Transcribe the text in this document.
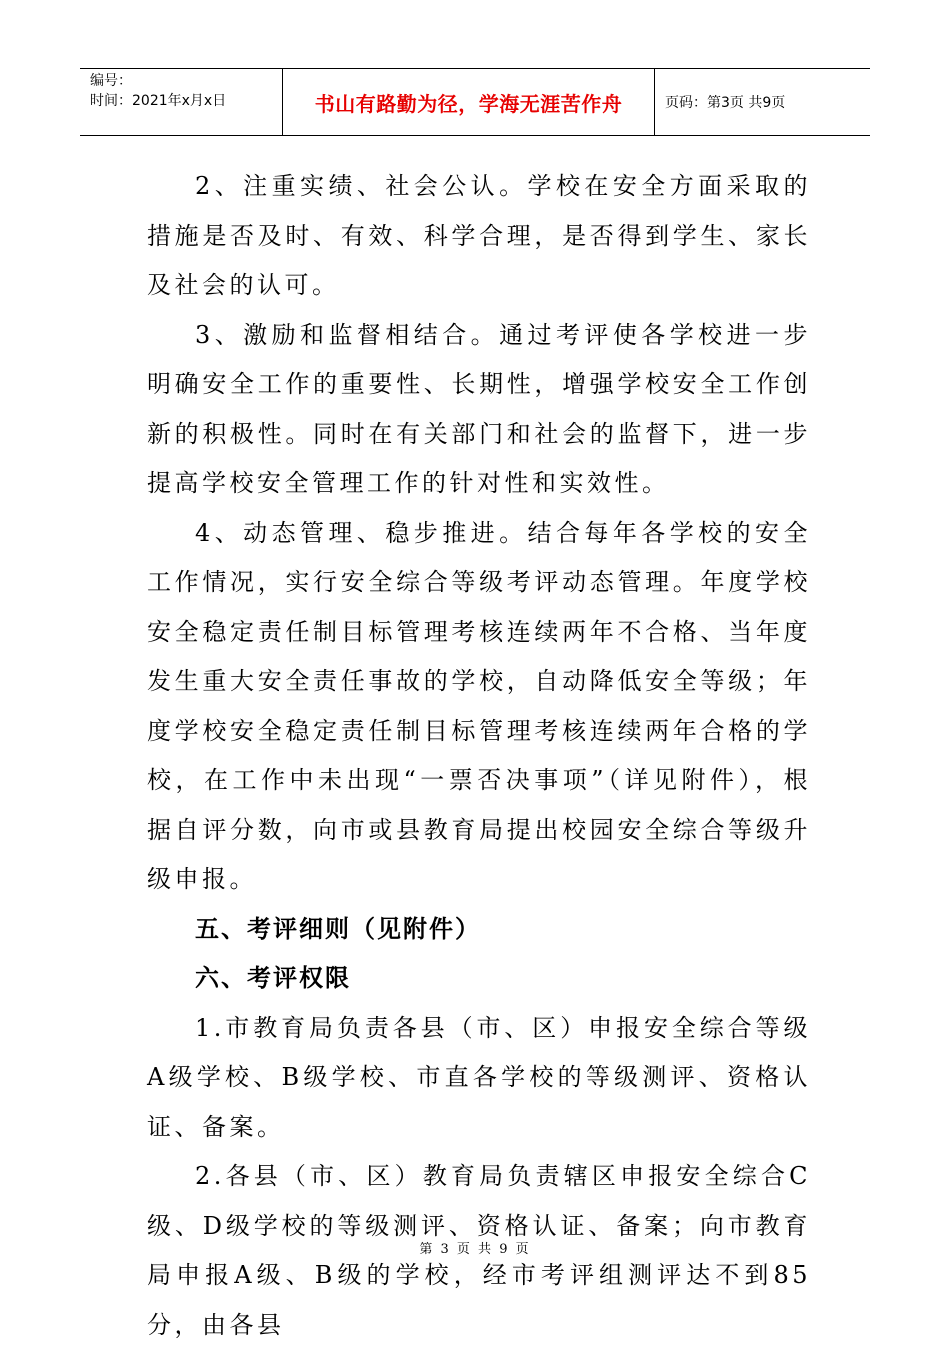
编号：
时间：2021年x月x日	书山有路勤为径，学海无涯苦作舟	页码：第3页 共9页

2、注重实绩、社会公认。学校在安全方面采取的措施是否及时、有效、科学合理，是否得到学生、家长及社会的认可。

3、激励和监督相结合。通过考评使各学校进一步明确安全工作的重要性、长期性，增强学校安全工作创新的积极性。同时在有关部门和社会的监督下，进一步提高学校安全管理工作的针对性和实效性。

4、动态管理、稳步推进。结合每年各学校的安全工作情况，实行安全综合等级考评动态管理。年度学校安全稳定责任制目标管理考核连续两年不合格、当年度发生重大安全责任事故的学校，自动降低安全等级；年度学校安全稳定责任制目标管理考核连续两年合格的学校，在工作中未出现“一票否决事项”（详见附件），根据自评分数，向市或县教育局提出校园安全综合等级升级申报。

五、考评细则（见附件）

六、考评权限

1.市教育局负责各县（市、区）申报安全综合等级A级学校、B级学校、市直各学校的等级测评、资格认证、备案。

2.各县（市、区）教育局负责辖区申报安全综合C级、D级学校的等级测评、资格认证、备案；向市教育局申报A级、B级的学校，经市考评组测评达不到85分，由各县

第 3 页 共 9 页
